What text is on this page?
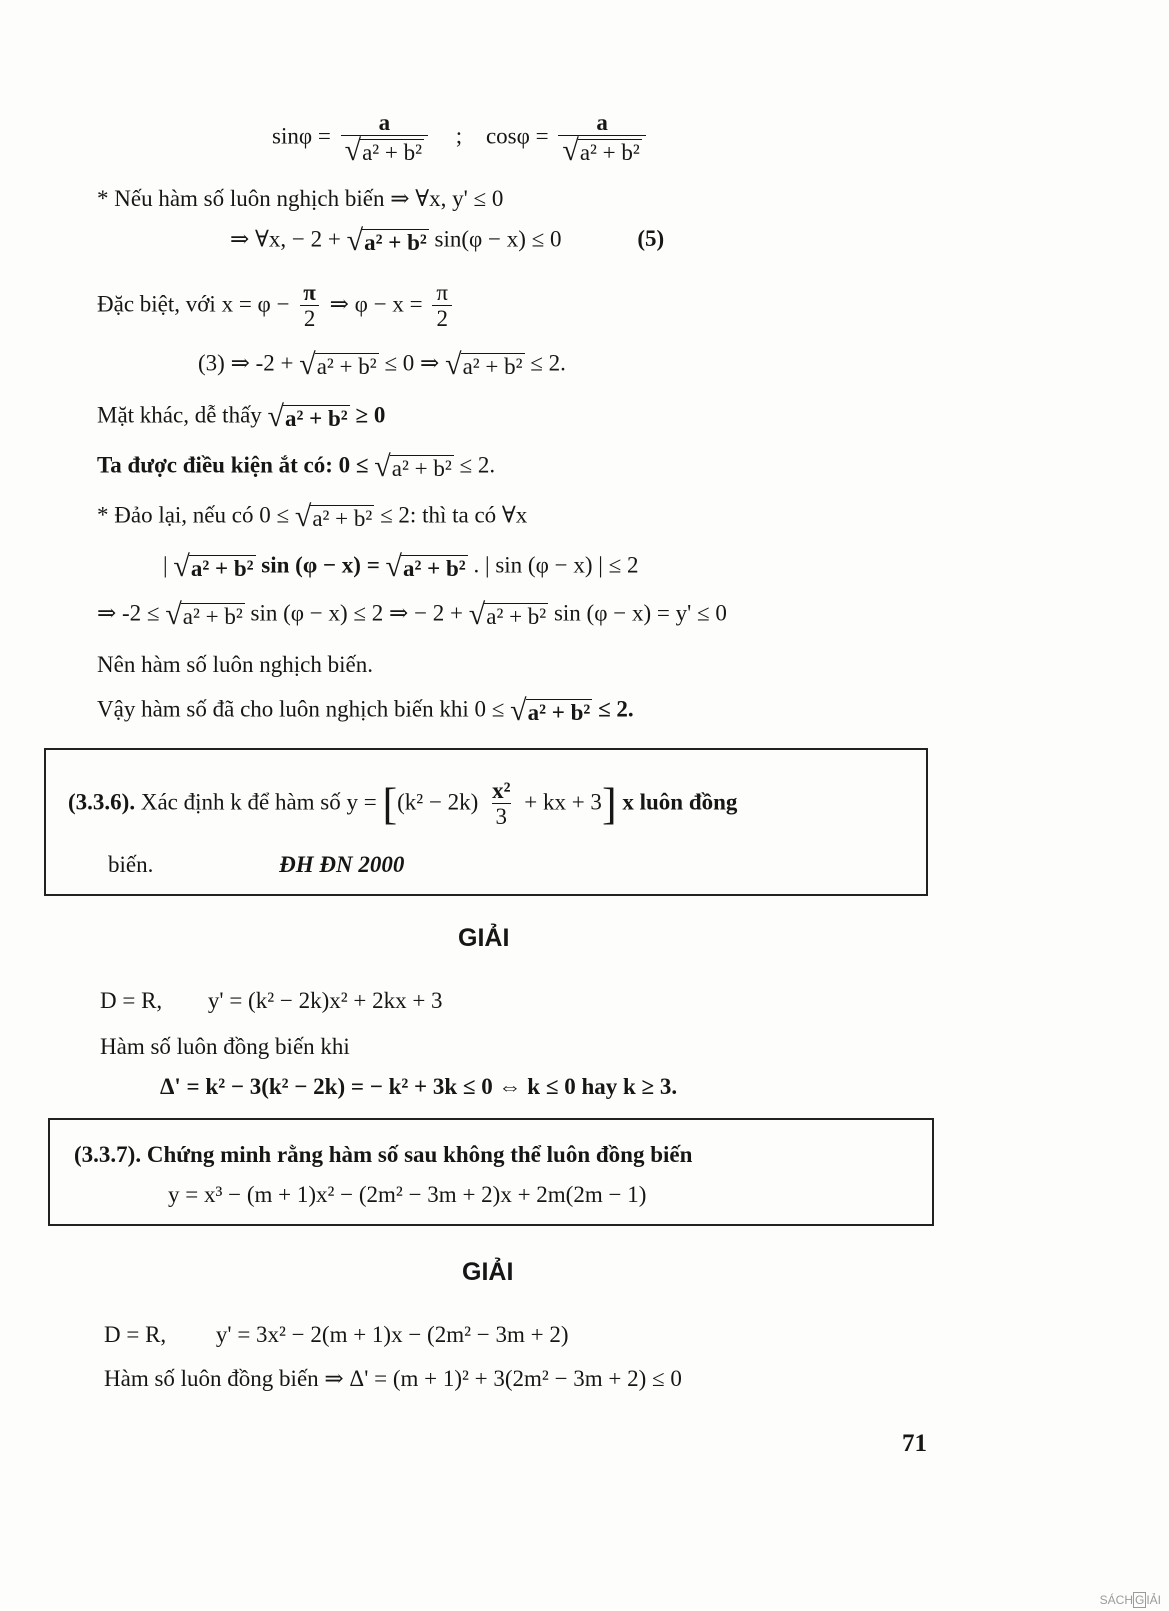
$\sin\varphi = \frac{a}{\text{√ a² + b²}}$ ; $\cos\varphi = \frac{a}{\text{√ a² + b²}}$
* Nếu hàm số luôn nghịch biến ⇒ ∀x, y' ≤ 0
⇒ ∀x, − 2 + √ a² + b² sin(φ − x) ≤ 0	(5)
Đặc biệt, với $x = \varphi - \frac{\pi}{2}$ ⇒ $\varphi - x = \frac{\pi}{2}$
(3) ⇒ -2 + √ a² + b² ≤ 0 ⇒ √ a² + b² ≤ 2.
Mặt khác, dễ thấy √ a² + b² ≥ 0
Ta được điều kiện ắt có: 0 ≤ √ a² + b² ≤ 2.
* Đảo lại, nếu có 0 ≤ √ a² + b² ≤ 2: thì ta có ∀x
| √ a² + b² sin (φ − x) = √ a² + b² . | sin (φ − x) | ≤ 2
⇒ -2 ≤ √ a² + b² sin (φ − x) ≤ 2 ⇒ − 2 + √ a² + b² sin (φ − x) = y' ≤ 0
Nên hàm số luôn nghịch biến.
Vậy hàm số đã cho luôn nghịch biến khi 0 ≤ √ a² + b² ≤ 2.
(3.3.6). Xác định k để hàm số $y = [(k^2 - 2k) \frac{\text{x²}}{3}$ + kx + 3] x luôn đồng
biến.	ĐH ĐN 2000
GIẢI
D = R, y' = (k² − 2k)x² + 2kx + 3
Hàm số luôn đồng biến khi
Δ' = k² − 3(k² − 2k) = − k² + 3k ≤ 0 ⇔ k ≤ 0 hay k ≥ 3.
(3.3.7). Chứng minh rằng hàm số sau không thể luôn đồng biến
y = x³ − (m + 1)x² − (2m² − 3m + 2)x + 2m(2m − 1)
GIẢI
D = R, y' = 3x² − 2(m + 1)x − (2m² − 3m + 2)
Hàm số luôn đồng biến ⇒ Δ' = (m + 1)² + 3(2m² − 3m + 2) ≤ 0
71
SÁCH G IẢI
